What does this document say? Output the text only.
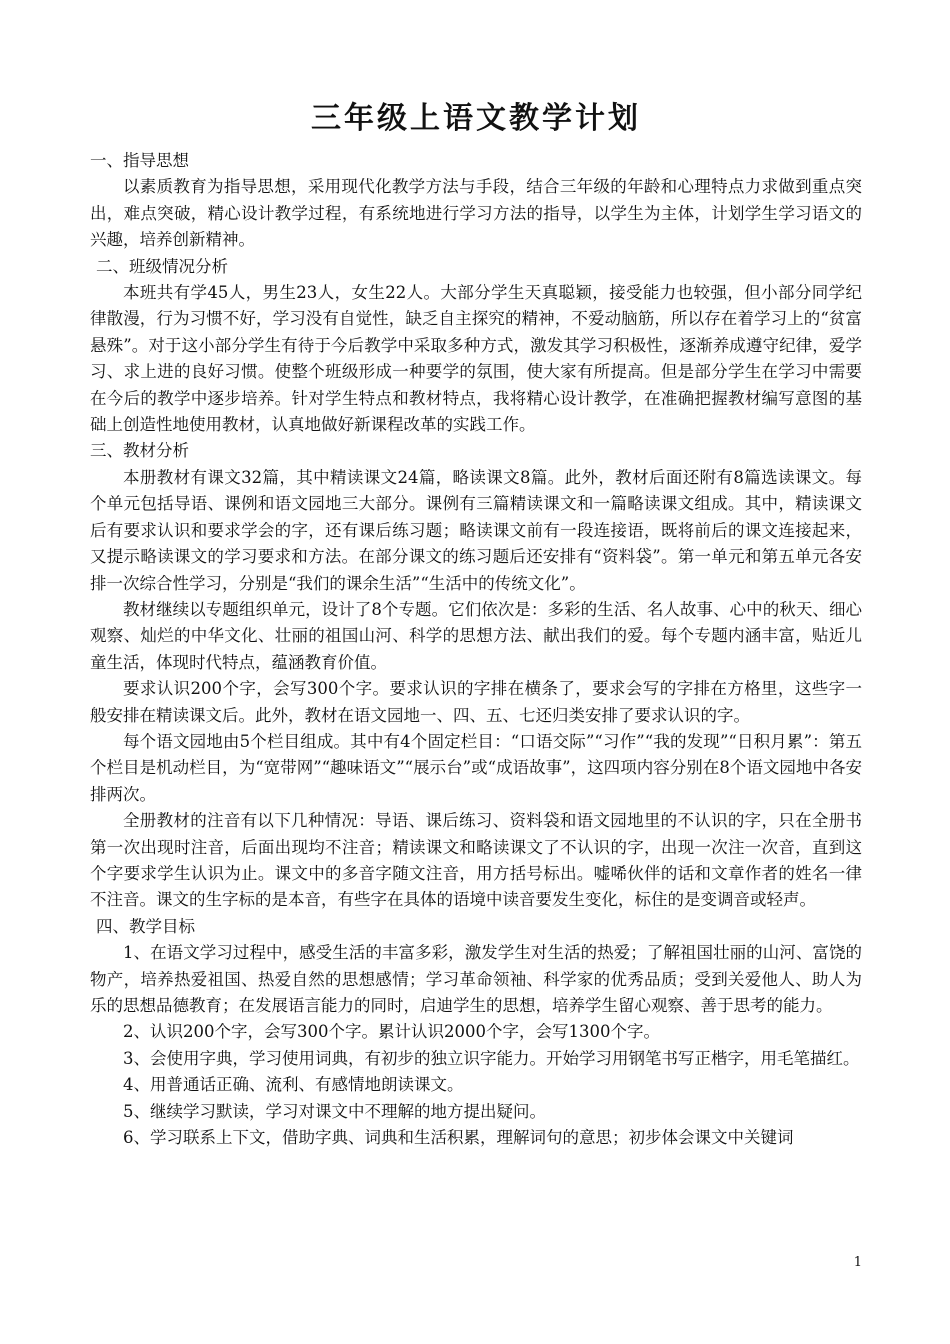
三年级上语文教学计划

一、指导思想

以素质教育为指导思想，采用现代化教学方法与手段，结合三年级的年龄和心理特点力求做到重点突出，难点突破，精心设计教学过程，有系统地进行学习方法的指导，以学生为主体，计划学生学习语文的兴趣，培养创新精神。

二、班级情况分析

本班共有学45人，男生23人，女生22人。大部分学生天真聪颖，接受能力也较强，但小部分同学纪律散漫，行为习惯不好，学习没有自觉性，缺乏自主探究的精神，不爱动脑筋，所以存在着学习上的“贫富悬殊”。对于这小部分学生有待于今后教学中采取多种方式，激发其学习积极性，逐渐养成遵守纪律，爱学习、求上进的良好习惯。使整个班级形成一种要学的氛围，使大家有所提高。但是部分学生在学习中需要在今后的教学中逐步培养。针对学生特点和教材特点，我将精心设计教学，在准确把握教材编写意图的基础上创造性地使用教材，认真地做好新课程改革的实践工作。

三、教材分析

本册教材有课文32篇，其中精读课文24篇，略读课文8篇。此外，教材后面还附有8篇选读课文。每个单元包括导语、课例和语文园地三大部分。课例有三篇精读课文和一篇略读课文组成。其中，精读课文后有要求认识和要求学会的字，还有课后练习题；略读课文前有一段连接语，既将前后的课文连接起来，又提示略读课文的学习要求和方法。在部分课文的练习题后还安排有“资料袋”。第一单元和第五单元各安排一次综合性学习，分别是“我们的课余生活”“生活中的传统文化”。

教材继续以专题组织单元，设计了8个专题。它们依次是：多彩的生活、名人故事、心中的秋天、细心观察、灿烂的中华文化、壮丽的祖国山河、科学的思想方法、献出我们的爱。每个专题内涵丰富，贴近儿童生活，体现时代特点，蕴涵教育价值。

要求认识200个字，会写300个字。要求认识的字排在横条了，要求会写的字排在方格里，这些字一般安排在精读课文后。此外，教材在语文园地一、四、五、七还归类安排了要求认识的字。

每个语文园地由5个栏目组成。其中有4个固定栏目：“口语交际”“习作”“我的发现”“日积月累”：第五个栏目是机动栏目，为“宽带网”“趣味语文”“展示台”或“成语故事”，这四项内容分别在8个语文园地中各安排两次。

全册教材的注音有以下几种情况：导语、课后练习、资料袋和语文园地里的不认识的字，只在全册书第一次出现时注音，后面出现均不注音；精读课文和略读课文了不认识的字，出现一次注一次音，直到这个字要求学生认识为止。课文中的多音字随文注音，用方括号标出。嘘唏伙伴的话和文章作者的姓名一律不注音。课文的生字标的是本音，有些字在具体的语境中读音要发生变化，标住的是变调音或轻声。

四、教学目标

1、在语文学习过程中，感受生活的丰富多彩，激发学生对生活的热爱；了解祖国壮丽的山河、富饶的物产，培养热爱祖国、热爱自然的思想感情；学习革命领袖、科学家的优秀品质；受到关爱他人、助人为乐的思想品德教育；在发展语言能力的同时，启迪学生的思想，培养学生留心观察、善于思考的能力。

2、认识200个字，会写300个字。累计认识2000个字，会写1300个字。

3、会使用字典，学习使用词典，有初步的独立识字能力。开始学习用钢笔书写正楷字，用毛笔描红。

4、用普通话正确、流利、有感情地朗读课文。

5、继续学习默读，学习对课文中不理解的地方提出疑问。

6、学习联系上下文，借助字典、词典和生活积累，理解词句的意思；初步体会课文中关键词

1
